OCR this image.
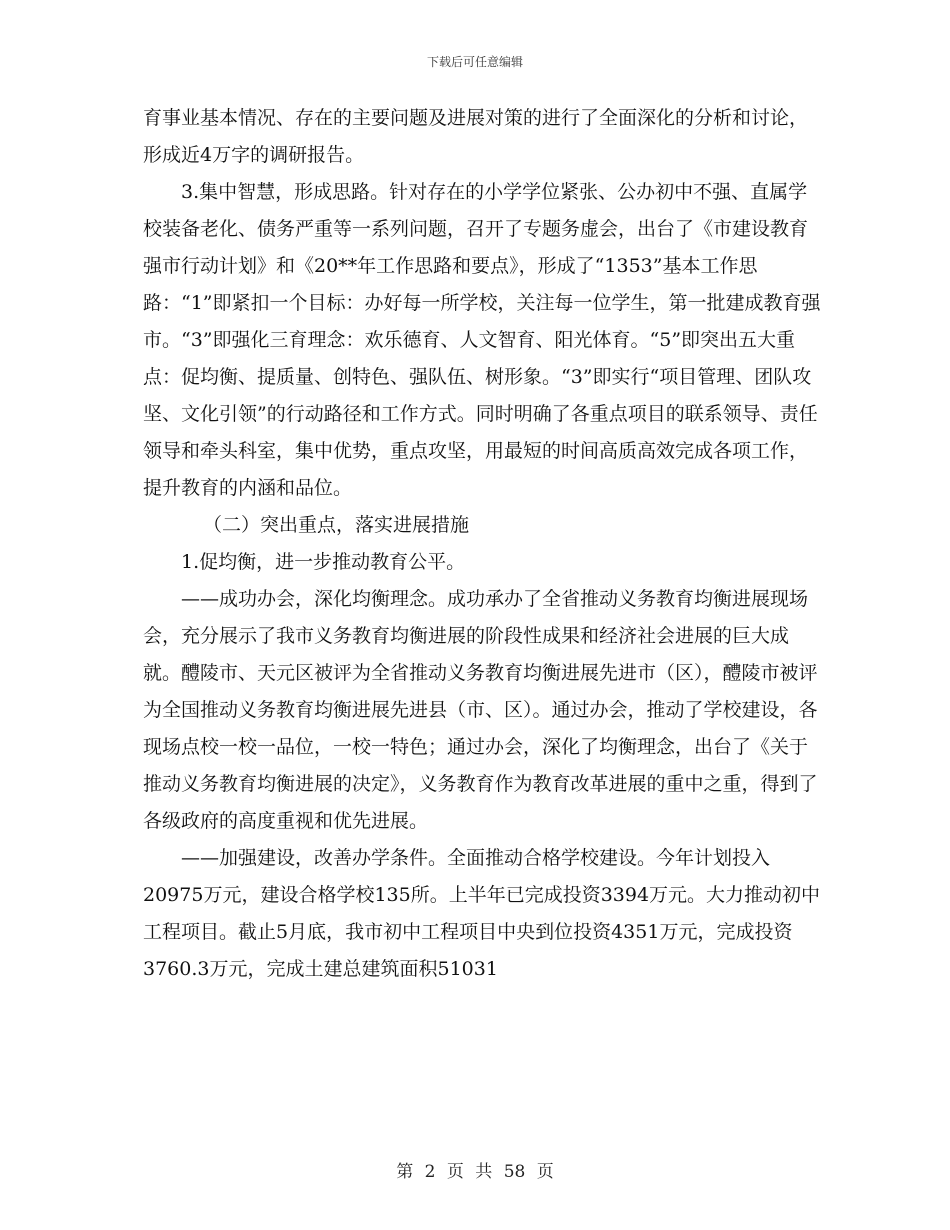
下载后可任意编辑

育事业基本情况、存在的主要问题及进展对策的进行了全面深化的分析和讨论，形成近4万字的调研报告。

3.集中智慧，形成思路。针对存在的小学学位紧张、公办初中不强、直属学校装备老化、债务严重等一系列问题，召开了专题务虚会，出台了《市建设教育强市行动计划》和《20**年工作思路和要点》，形成了“1353”基本工作思路：“1”即紧扣一个目标：办好每一所学校，关注每一位学生，第一批建成教育强市。“3”即强化三育理念：欢乐德育、人文智育、阳光体育。“5”即突出五大重点：促均衡、提质量、创特色、强队伍、树形象。“3”即实行“项目管理、团队攻坚、文化引领”的行动路径和工作方式。同时明确了各重点项目的联系领导、责任领导和牵头科室，集中优势，重点攻坚，用最短的时间高质高效完成各项工作，提升教育的内涵和品位。

（二）突出重点，落实进展措施

1.促均衡，进一步推动教育公平。

——成功办会，深化均衡理念。成功承办了全省推动义务教育均衡进展现场会，充分展示了我市义务教育均衡进展的阶段性成果和经济社会进展的巨大成就。醴陵市、天元区被评为全省推动义务教育均衡进展先进市（区），醴陵市被评为全国推动义务教育均衡进展先进县（市、区）。通过办会，推动了学校建设，各现场点校一校一品位，一校一特色；通过办会，深化了均衡理念，出台了《关于推动义务教育均衡进展的决定》，义务教育作为教育改革进展的重中之重，得到了各级政府的高度重视和优先进展。

——加强建设，改善办学条件。全面推动合格学校建设。今年计划投入20975万元，建设合格学校135所。上半年已完成投资3394万元。大力推动初中工程项目。截止5月底，我市初中工程项目中央到位投资4351万元，完成投资3760.3万元，完成土建总建筑面积51031

第 2 页 共 58 页
